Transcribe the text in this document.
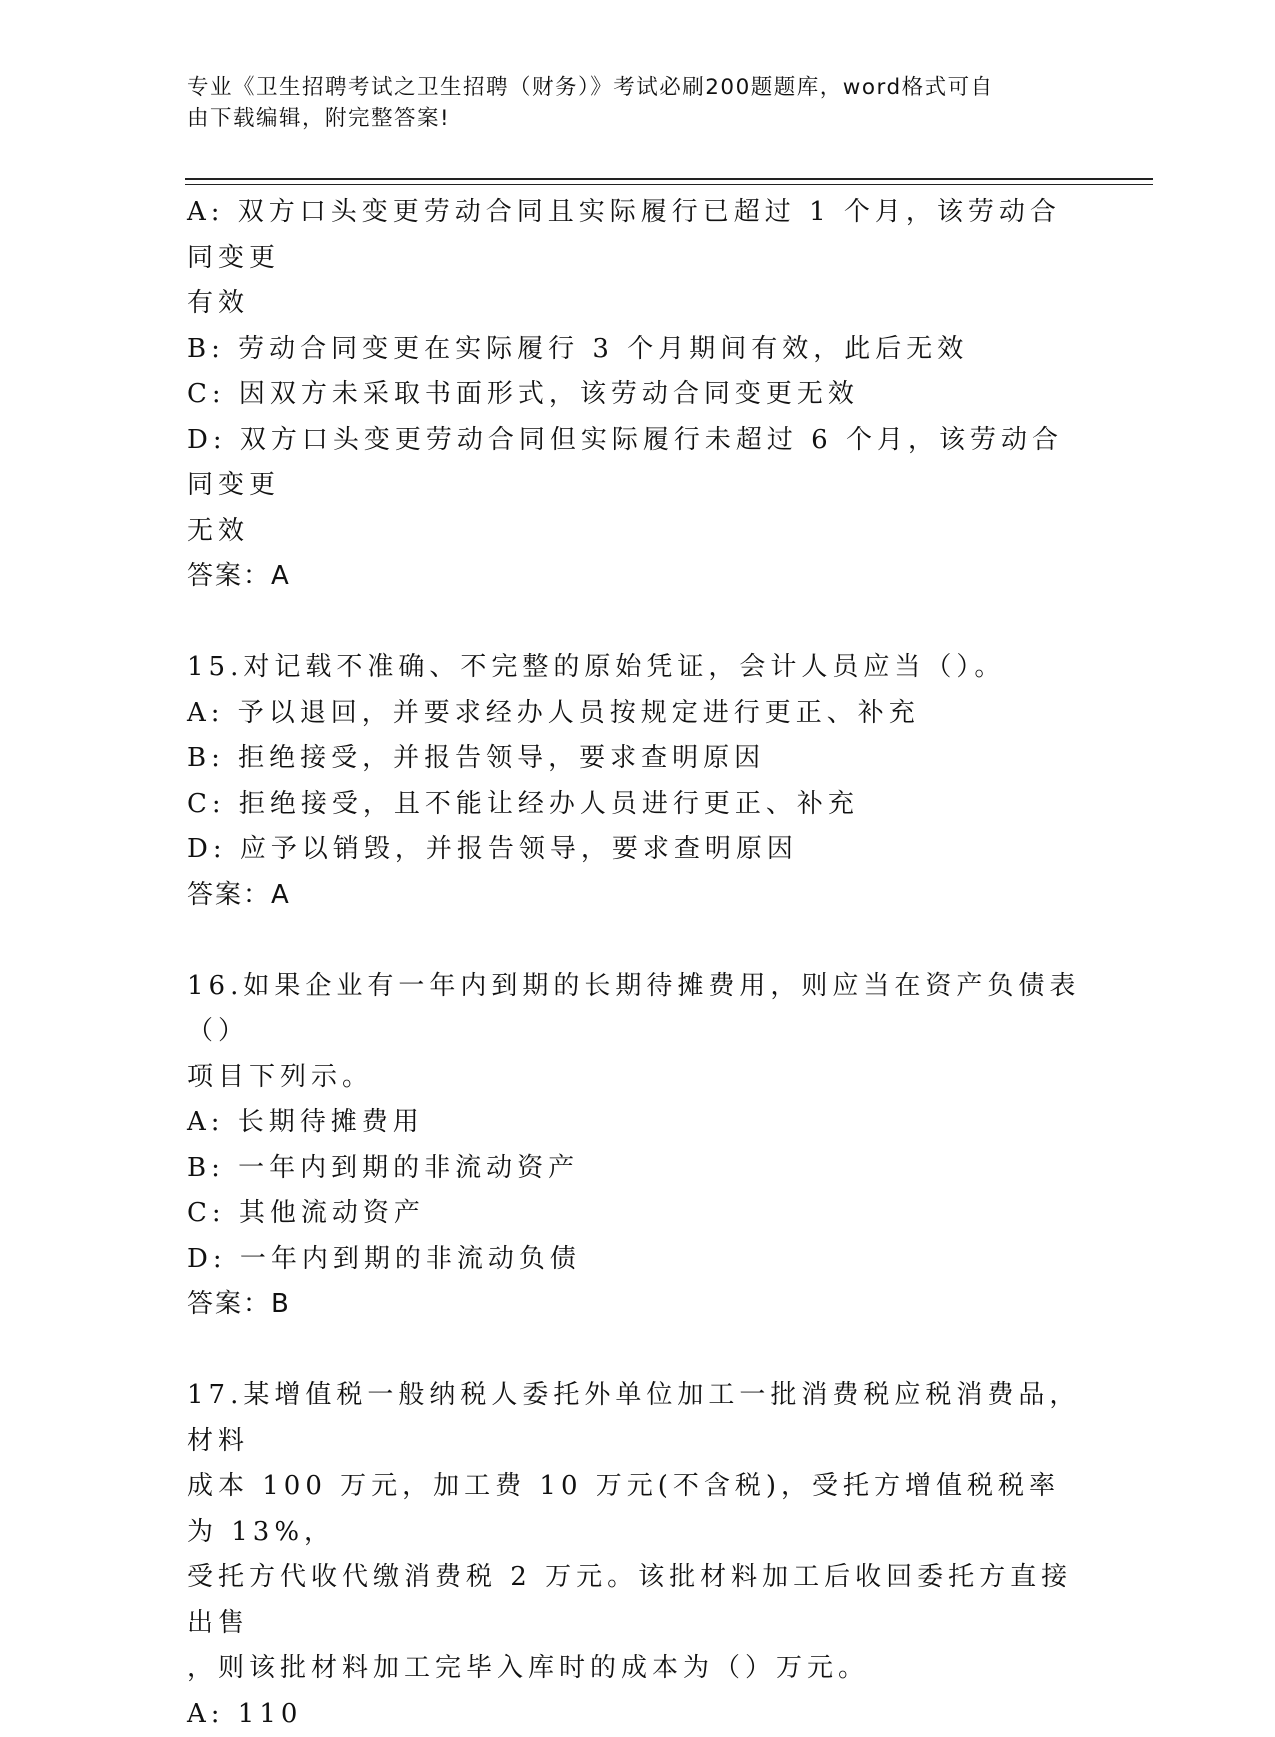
专业《卫生招聘考试之卫生招聘（财务）》考试必刷200题题库，word格式可自
由下载编辑，附完整答案!
A: 双方口头变更劳动合同且实际履行已超过 1 个月，该劳动合同变更
有效
B: 劳动合同变更在实际履行 3 个月期间有效，此后无效
C: 因双方未采取书面形式，该劳动合同变更无效
D: 双方口头变更劳动合同但实际履行未超过 6 个月，该劳动合同变更
无效
答案：A
15.对记载不准确、不完整的原始凭证，会计人员应当（）。
A: 予以退回，并要求经办人员按规定进行更正、补充
B: 拒绝接受，并报告领导，要求查明原因
C: 拒绝接受，且不能让经办人员进行更正、补充
D: 应予以销毁，并报告领导，要求查明原因
答案：A
16.如果企业有一年内到期的长期待摊费用，则应当在资产负债表（）
项目下列示。
A: 长期待摊费用
B: 一年内到期的非流动资产
C: 其他流动资产
D: 一年内到期的非流动负债
答案：B
17.某增值税一般纳税人委托外单位加工一批消费税应税消费品，材料
成本 100 万元，加工费 10 万元(不含税)，受托方增值税税率为 13%，
受托方代收代缴消费税 2 万元。该批材料加工后收回委托方直接出售
，则该批材料加工完毕入库时的成本为（）万元。
A: 110
